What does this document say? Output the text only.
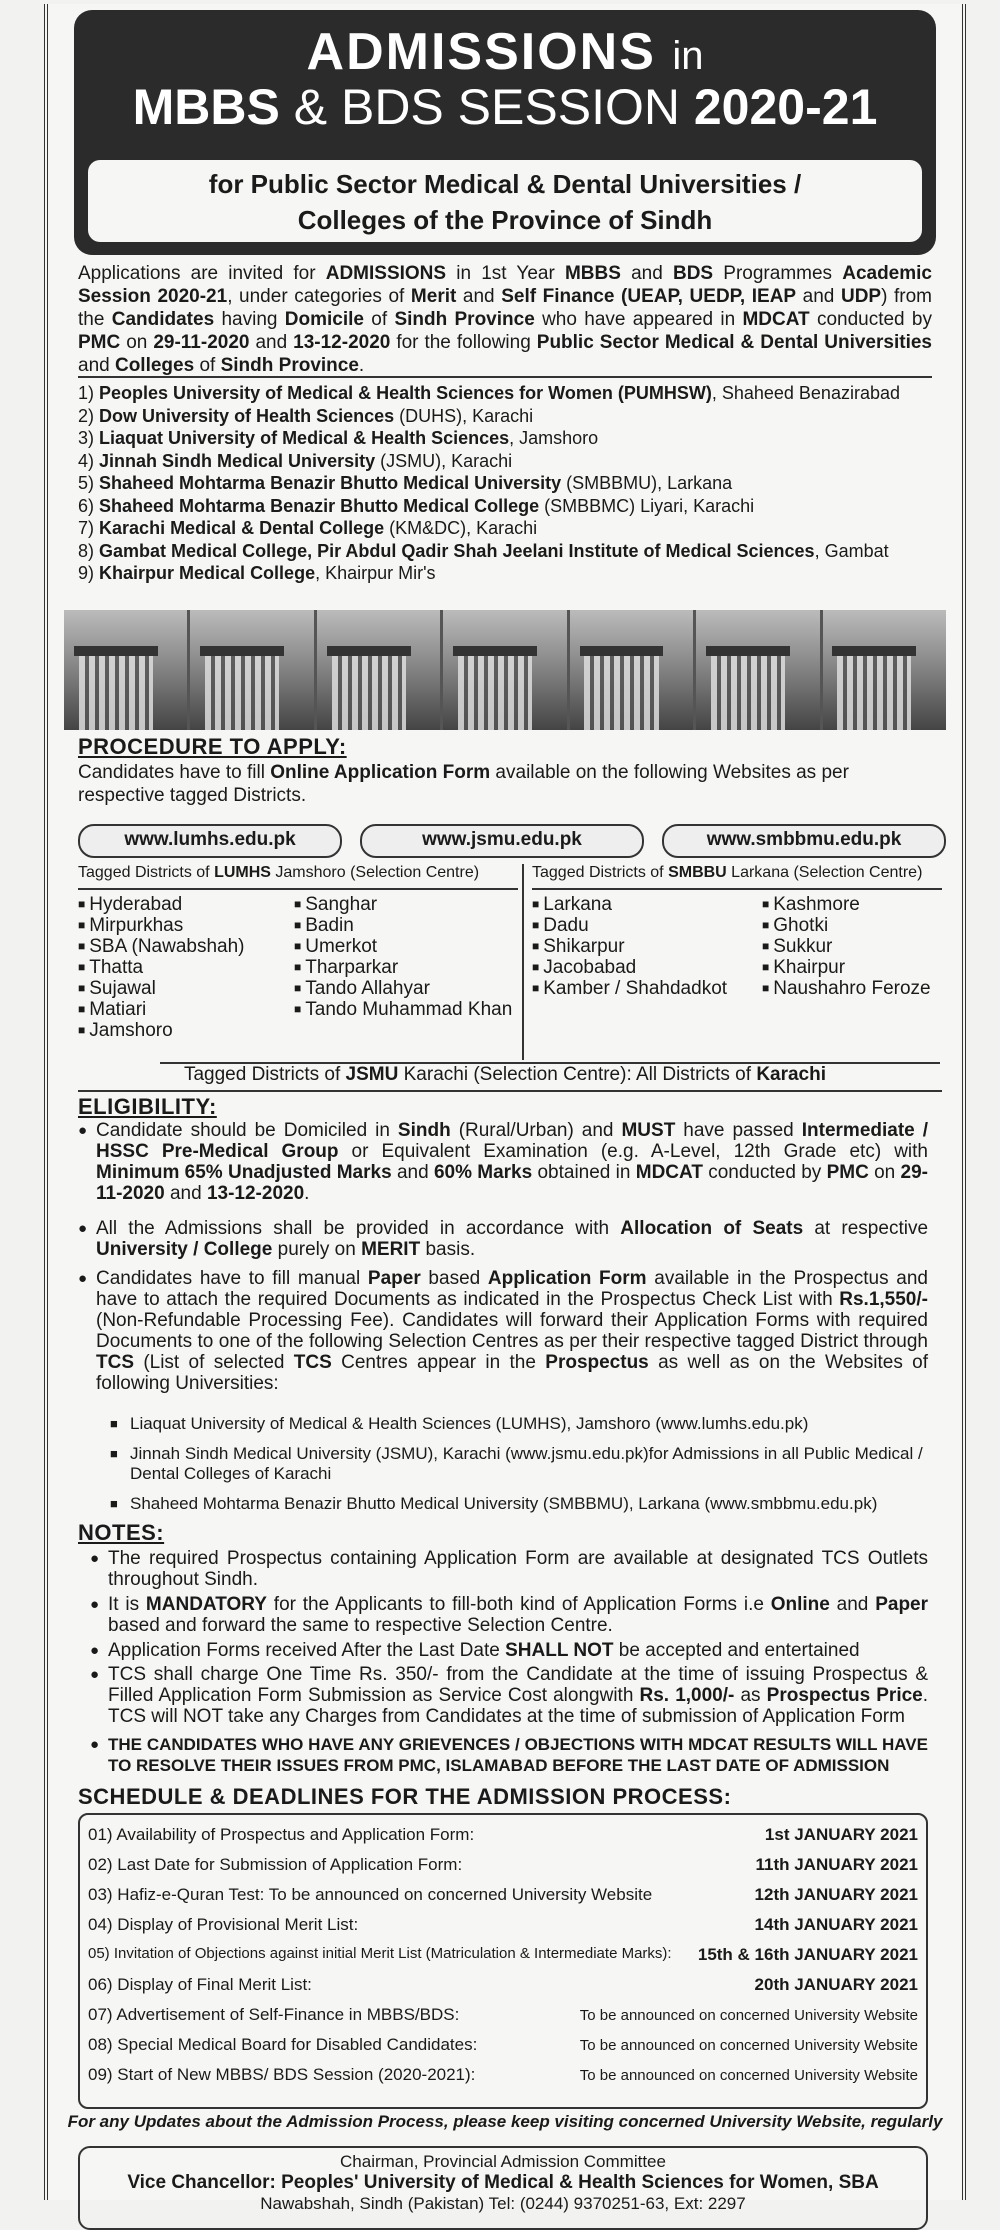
ADMISSIONS in
MBBS & BDS SESSION 2020-21
for Public Sector Medical & Dental Universities /
Colleges of the Province of Sindh
Applications are invited for ADMISSIONS in 1st Year MBBS and BDS Programmes Academic Session 2020-21, under categories of Merit and Self Finance (UEAP, UEDP, IEAP and UDP) from the Candidates having Domicile of Sindh Province who have appeared in MDCAT conducted by PMC on 29-11-2020 and 13-12-2020 for the following Public Sector Medical & Dental Universities and Colleges of Sindh Province.
1) Peoples University of Medical & Health Sciences for Women (PUMHSW), Shaheed Benazirabad
2) Dow University of Health Sciences (DUHS), Karachi
3) Liaquat University of Medical & Health Sciences, Jamshoro
4) Jinnah Sindh Medical University (JSMU), Karachi
5) Shaheed Mohtarma Benazir Bhutto Medical University (SMBBMU), Larkana
6) Shaheed Mohtarma Benazir Bhutto Medical College (SMBBMC) Liyari, Karachi
7) Karachi Medical & Dental College (KM&DC), Karachi
8) Gambat Medical College, Pir Abdul Qadir Shah Jeelani Institute of Medical Sciences, Gambat
9) Khairpur Medical College, Khairpur Mir's
PROCEDURE TO APPLY:
Candidates have to fill Online Application Form available on the following Websites as per respective tagged Districts.
www.lumhs.edu.pk	www.jsmu.edu.pk	www.smbbmu.edu.pk
Tagged Districts of LUMHS Jamshoro (Selection Centre)	Tagged Districts of SMBBU Larkana (Selection Centre)
■ Hyderabad
■ Mirpurkhas
■ SBA (Nawabshah)
■ Thatta
■ Sujawal
■ Matiari
■ Jamshoro
■ Sanghar
■ Badin
■ Umerkot
■ Tharparkar
■ Tando Allahyar
■ Tando Muhammad Khan
■ Larkana
■ Dadu
■ Shikarpur
■ Jacobabad
■ Kamber / Shahdadkot
■ Kashmore
■ Ghotki
■ Sukkur
■ Khairpur
■ Naushahro Feroze
Tagged Districts of JSMU Karachi (Selection Centre): All Districts of Karachi
ELIGIBILITY:
● Candidate should be Domiciled in Sindh (Rural/Urban) and MUST have passed Intermediate / HSSC Pre-Medical Group or Equivalent Examination (e.g. A-Level, 12th Grade etc) with Minimum 65% Unadjusted Marks and 60% Marks obtained in MDCAT conducted by PMC on 29-11-2020 and 13-12-2020.
● All the Admissions shall be provided in accordance with Allocation of Seats at respective University / College purely on MERIT basis.
● Candidates have to fill manual Paper based Application Form available in the Prospectus and have to attach the required Documents as indicated in the Prospectus Check List with Rs.1,550/- (Non-Refundable Processing Fee). Candidates will forward their Application Forms with required Documents to one of the following Selection Centres as per their respective tagged District through TCS (List of selected TCS Centres appear in the Prospectus as well as on the Websites of following Universities:
■ Liaquat University of Medical & Health Sciences (LUMHS), Jamshoro (www.lumhs.edu.pk)
■ Jinnah Sindh Medical University (JSMU), Karachi (www.jsmu.edu.pk)for Admissions in all Public Medical / Dental Colleges of Karachi
■ Shaheed Mohtarma Benazir Bhutto Medical University (SMBBMU), Larkana (www.smbbmu.edu.pk)
NOTES:
● The required Prospectus containing Application Form are available at designated TCS Outlets throughout Sindh.
● It is MANDATORY for the Applicants to fill-both kind of Application Forms i.e Online and Paper based and forward the same to respective Selection Centre.
● Application Forms received After the Last Date SHALL NOT be accepted and entertained
● TCS shall charge One Time Rs. 350/- from the Candidate at the time of issuing Prospectus & Filled Application Form Submission as Service Cost alongwith Rs. 1,000/- as Prospectus Price. TCS will NOT take any Charges from Candidates at the time of submission of Application Form
● THE CANDIDATES WHO HAVE ANY GRIEVENCES / OBJECTIONS WITH MDCAT RESULTS WILL HAVE TO RESOLVE THEIR ISSUES FROM PMC, ISLAMABAD BEFORE THE LAST DATE OF ADMISSION
SCHEDULE & DEADLINES FOR THE ADMISSION PROCESS:
01) Availability of Prospectus and Application Form:	1st JANUARY 2021
02) Last Date for Submission of Application Form:	11th JANUARY 2021
03) Hafiz-e-Quran Test: To be announced on concerned University Website	12th JANUARY 2021
04) Display of Provisional Merit List:	14th JANUARY 2021
05) Invitation of Objections against initial Merit List (Matriculation & Intermediate Marks): 15th & 16th JANUARY 2021
06) Display of Final Merit List:	20th JANUARY 2021
07) Advertisement of Self-Finance in MBBS/BDS:	To be announced on concerned University Website
08) Special Medical Board for Disabled Candidates:	To be announced on concerned University Website
09) Start of New MBBS/ BDS Session (2020-2021):	To be announced on concerned University Website
For any Updates about the Admission Process, please keep visiting concerned University Website, regularly
Chairman, Provincial Admission Committee
Vice Chancellor: Peoples' University of Medical & Health Sciences for Women, SBA
Nawabshah, Sindh (Pakistan) Tel: (0244) 9370251-63, Ext: 2297
